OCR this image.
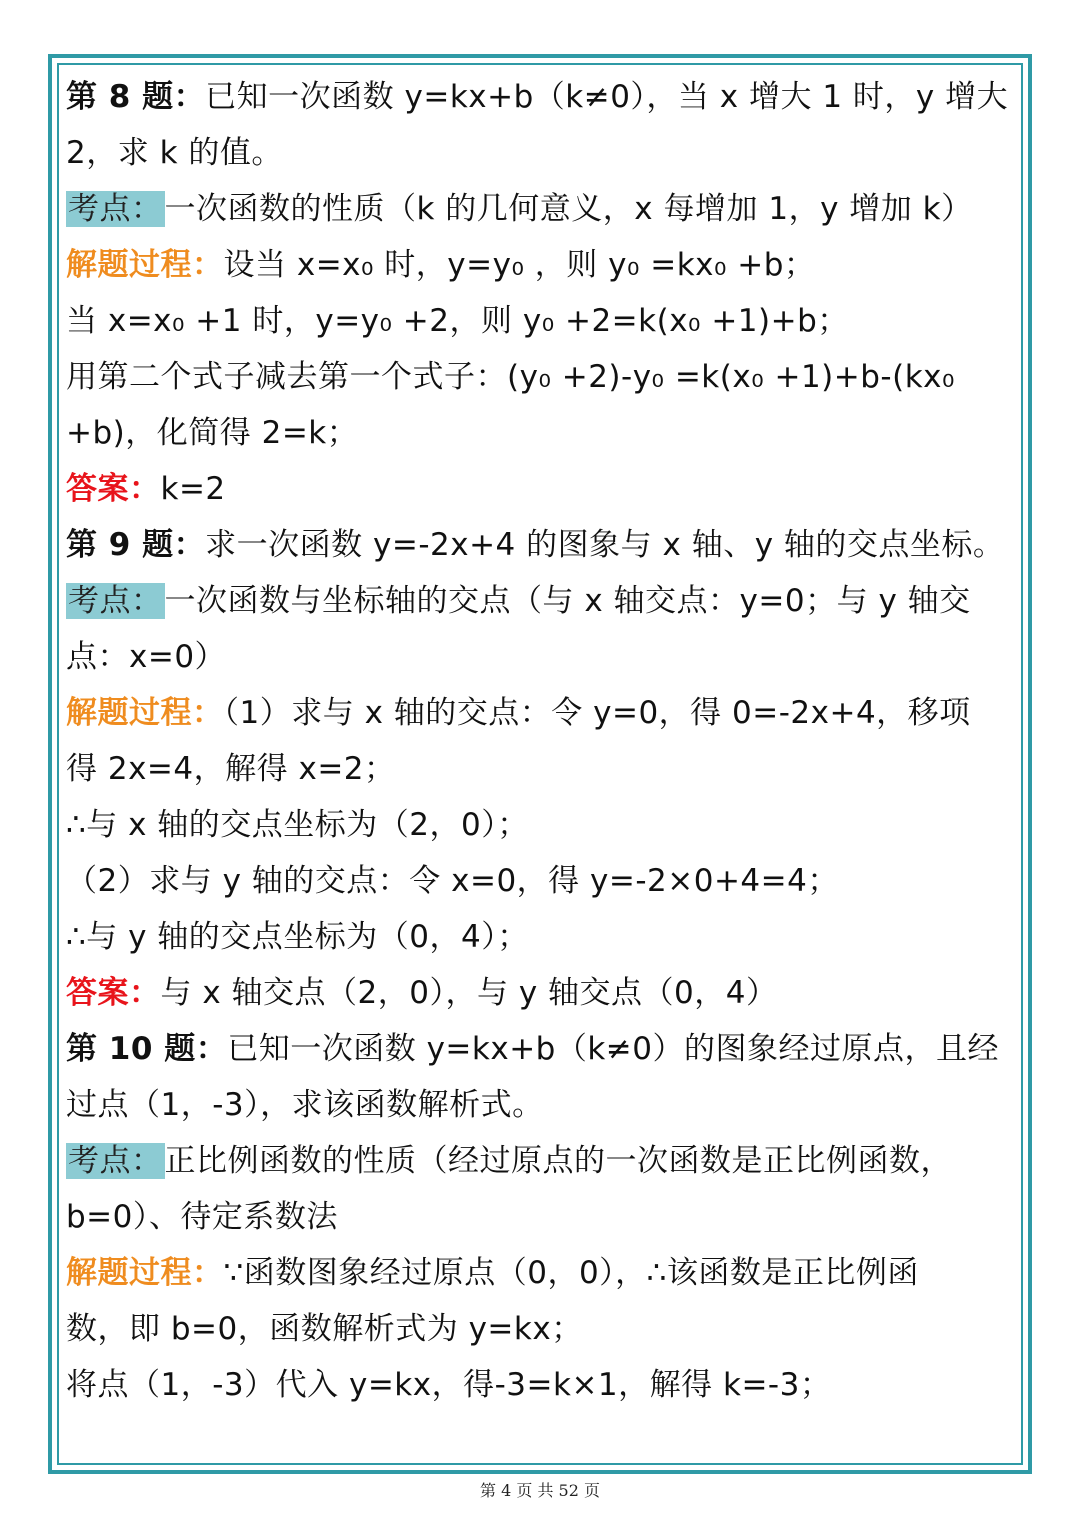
第 8 题：已知一次函数 y=kx+b（k≠0），当 x 增大 1 时，y 增大
2，求 k 的值。
考点：一次函数的性质（k 的几何意义，x 每增加 1，y 增加 k）
解题过程：设当 x=x₀ 时，y=y₀ ，则 y₀ =kx₀ +b；
当 x=x₀ +1 时，y=y₀ +2，则 y₀ +2=k(x₀ +1)+b；
用第二个式子减去第一个式子：(y₀ +2)-y₀ =k(x₀ +1)+b-(kx₀
+b)，化简得 2=k；
答案：k=2
第 9 题：求一次函数 y=-2x+4 的图象与 x 轴、y 轴的交点坐标。
考点：一次函数与坐标轴的交点（与 x 轴交点：y=0；与 y 轴交
点：x=0）
解题过程：（1）求与 x 轴的交点：令 y=0，得 0=-2x+4，移项
得 2x=4，解得 x=2；
∴与 x 轴的交点坐标为（2，0）；
（2）求与 y 轴的交点：令 x=0，得 y=-2×0+4=4；
∴与 y 轴的交点坐标为（0，4）；
答案：与 x 轴交点（2，0），与 y 轴交点（0，4）
第 10 题：已知一次函数 y=kx+b（k≠0）的图象经过原点，且经
过点（1，-3），求该函数解析式。
考点：正比例函数的性质（经过原点的一次函数是正比例函数，
b=0）、待定系数法
解题过程：∵函数图象经过原点（0，0），∴该函数是正比例函
数，即 b=0，函数解析式为 y=kx；
将点（1，-3）代入 y=kx，得-3=k×1，解得 k=-3；
第 4 页 共 52 页
